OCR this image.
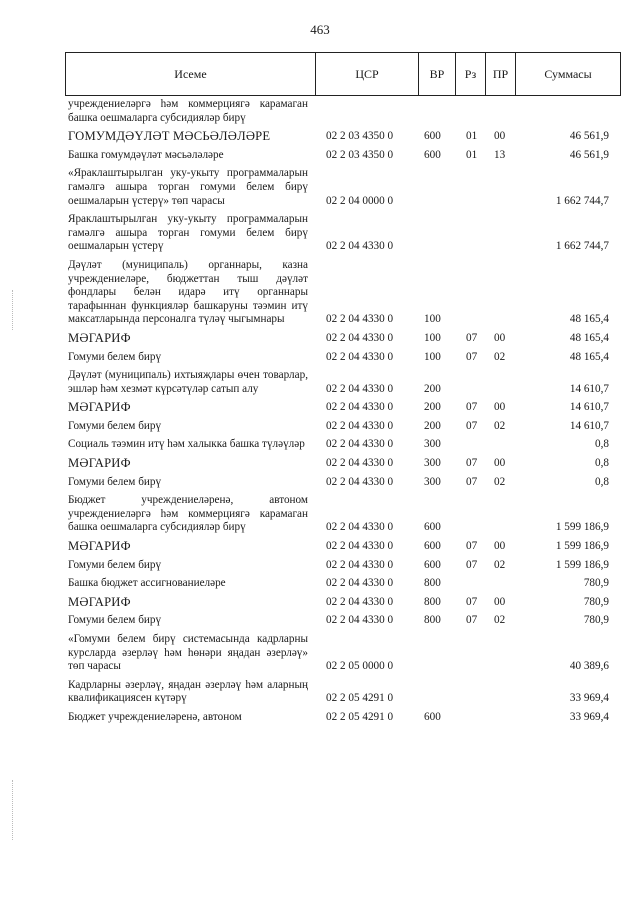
463
Исеме	ЦСР	ВР	Рз	ПР	Суммасы
учреждениеләргә һәм коммерциягә карамаган башка оешмаларга субсидияләр бирү
ГОМУМДӘҮЛӘТ МӘСЬӘЛӘЛӘРЕ	02 2 03 4350 0	600 01 00	46 561,9
Башка гомумдәүләт мәсьәләләре	02 2 03 4350 0	600 01 13	46 561,9
«Яраклаштырылган уку-укыту программаларын гамәлгә ашыра торган гомуми белем бирү оешмаларын үстерү» төп чарасы	02 2 04 0000 0	1 662 744,7
Яраклаштырылган уку-укыту программаларын гамәлгә ашыра торган гомуми белем бирү оешмаларын үстерү	02 2 04 4330 0	1 662 744,7
Дәүләт (муниципаль) органнары, казна учреждениеләре, бюджеттан тыш дәүләт фондлары белән идарә итү органнары тарафыннан функцияләр башкаруны тәэмин итү максатларында персоналга түләү чыгымнары	02 2 04 4330 0	100	48 165,4
МӘГАРИФ	02 2 04 4330 0	100 07 00	48 165,4
Гомуми белем бирү	02 2 04 4330 0	100 07 02	48 165,4
Дәүләт (муниципаль) ихтыяҗлары өчен товарлар, эшләр һәм хезмәт күрсәтүләр сатып алу	02 2 04 4330 0	200	14 610,7
МӘГАРИФ	02 2 04 4330 0	200 07 00	14 610,7
Гомуми белем бирү	02 2 04 4330 0	200 07 02	14 610,7
Социаль тәэмин итү һәм халыкка башка түләүләр 02 2 04 4330 0	300	0,8
МӘГАРИФ	02 2 04 4330 0	300 07 00	0,8
Гомуми белем бирү	02 2 04 4330 0	300 07 02	0,8
Бюджет учреждениеләренә, автоном учреждениеләргә һәм коммерциягә карамаган башка оешмаларга субсидияләр бирү	02 2 04 4330 0	600	1 599 186,9
МӘГАРИФ	02 2 04 4330 0	600 07 00	1 599 186,9
Гомуми белем бирү	02 2 04 4330 0	600 07 02	1 599 186,9
Башка бюджет ассигнованиеләре	02 2 04 4330 0	800	780,9
МӘГАРИФ	02 2 04 4330 0	800 07 00	780,9
Гомуми белем бирү	02 2 04 4330 0	800 07 02	780,9
«Гомуми белем бирү системасында кадрларны курсларда әзерләү һәм һөнәри яңадан әзерләү» төп чарасы	02 2 05 0000 0	40 389,6
Кадрларны әзерләү, яңадан әзерләү һәм аларның квалификациясен күтәрү	02 2 05 4291 0	33 969,4
Бюджет учреждениеләренә, автоном	02 2 05 4291 0	600	33 969,4
